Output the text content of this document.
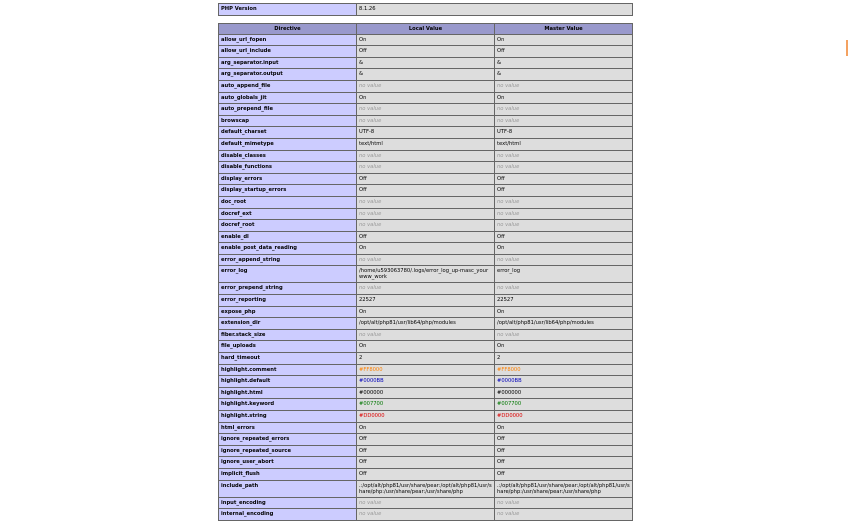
PHP Version	8.1.26
Directive	Local Value	Master Value
allow_url_fopen	On	On
allow_url_include	Off	Off
arg_separator.input	&	&
arg_separator.output	&	&
auto_append_file	no value	no value
auto_globals_jit	On	On
auto_prepend_file	no value	no value
browscap	no value	no value
default_charset	UTF-8	UTF-8
default_mimetype	text/html	text/html
disable_classes	no value	no value
disable_functions	no value	no value
display_errors	Off	Off
display_startup_errors	Off	Off
doc_root	no value	no value
docref_ext	no value	no value
docref_root	no value	no value
enable_dl	Off	Off
enable_post_data_reading	On	On
error_append_string	no value	no value
error_log	/home/u593063780/.logs/error_log_up-masc_yourwww_work	error_log
error_prepend_string	no value	no value
error_reporting	22527	22527
expose_php	On	On
extension_dir	/opt/alt/php81/usr/lib64/php/modules	/opt/alt/php81/usr/lib64/php/modules
fiber.stack_size	no value	no value
file_uploads	On	On
hard_timeout	2	2
highlight.comment	#FF8000	#FF8000
highlight.default	#0000BB	#0000BB
highlight.html	#000000	#000000
highlight.keyword	#007700	#007700
highlight.string	#DD0000	#DD0000
html_errors	On	On
ignore_repeated_errors	Off	Off
ignore_repeated_source	Off	Off
ignore_user_abort	Off	Off
implicit_flush	Off	Off
include_path	.:/opt/alt/php81/usr/share/pear:/opt/alt/php81/usr/share/php:/usr/share/pear:/usr/share/php	.:/opt/alt/php81/usr/share/pear:/opt/alt/php81/usr/share/php:/usr/share/pear:/usr/share/php
input_encoding	no value	no value
internal_encoding	no value	no value
